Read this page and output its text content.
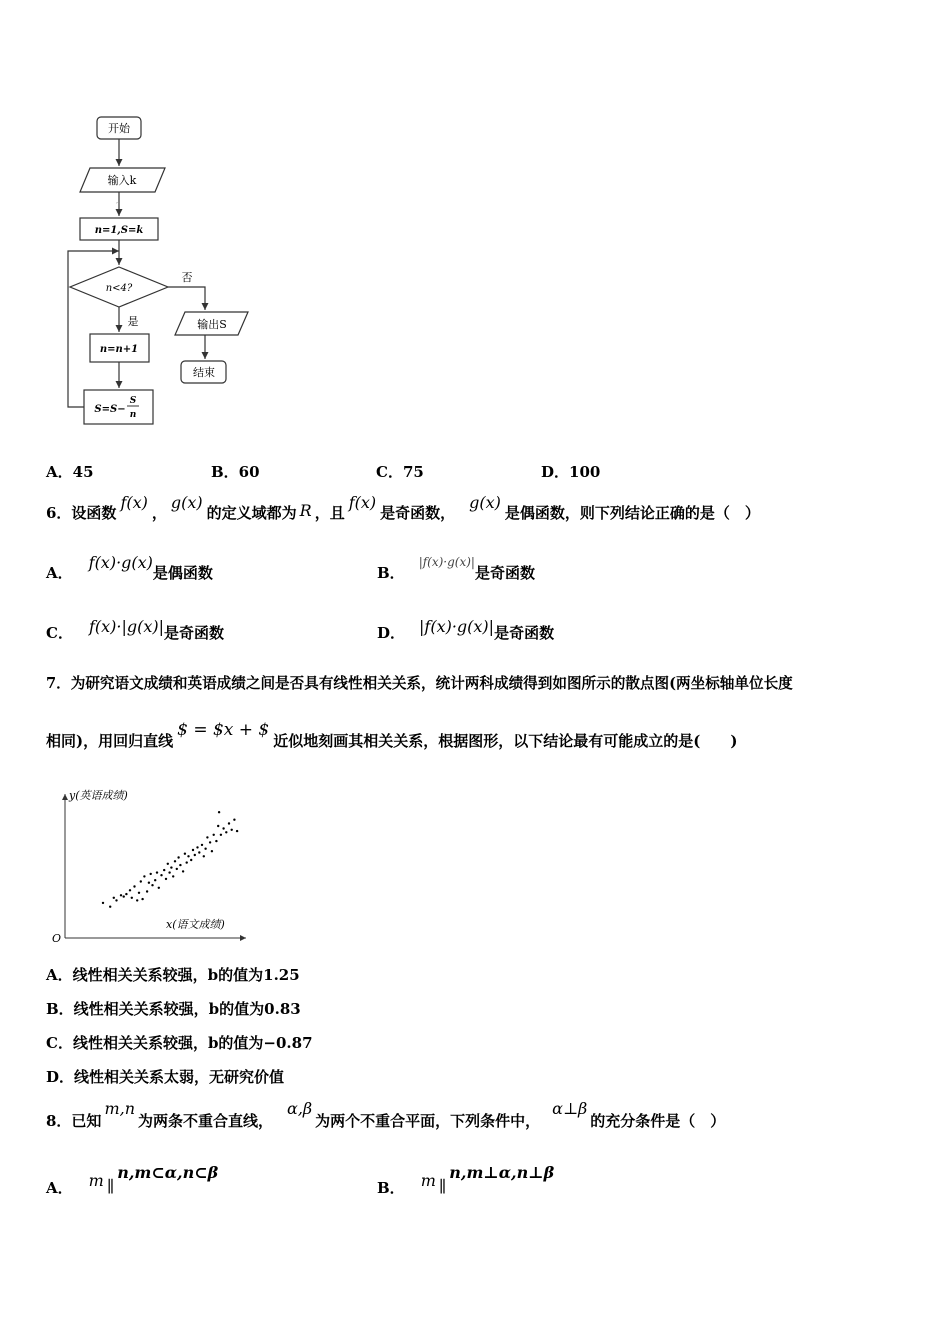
开始
输入k
′
n=1,S=k
n<4?
否
是	输出S
结束
n=n+1
S=S−
S
n
A．45	B．60	C．75	D．100
6．设函数
f(x)
，
g(x)
的定义域都为 R ，且
f(x)
是奇函数，
g(x)
是偶函数，则下列结论正确的是（　）
A．
f(x)·g(x)
是偶函数	B．
|f(x)·g(x)|
是奇函数
C． f(x)·|g(x)| 是奇函数	D． |f(x)·g(x)| 是奇函数
7．为研究语文成绩和英语成绩之间是否具有线性相关关系，统计两科成绩得到如图所示的散点图(两坐标轴单位长度
相同)，用回归直线
$ = $x + $
近似地刻画其相关关系，根据图形，以下结论最有可能成立的是(　　)
y(英语成绩)
x(语文成绩)
O
A．线性相关关系较强，b的值为1.25
B．线性相关关系较强，b的值为0.83
C．线性相关关系较强，b的值为−0.87
D．线性相关关系太弱，无研究价值
8．已知
m,n
为两条不重合直线，
α,β
为两个不重合平面，下列条件中，
α⊥β
的充分条件是（　）
A． m ∥
n,m⊂α,n⊂β
B． m ∥
n,m⊥α,n⊥β
